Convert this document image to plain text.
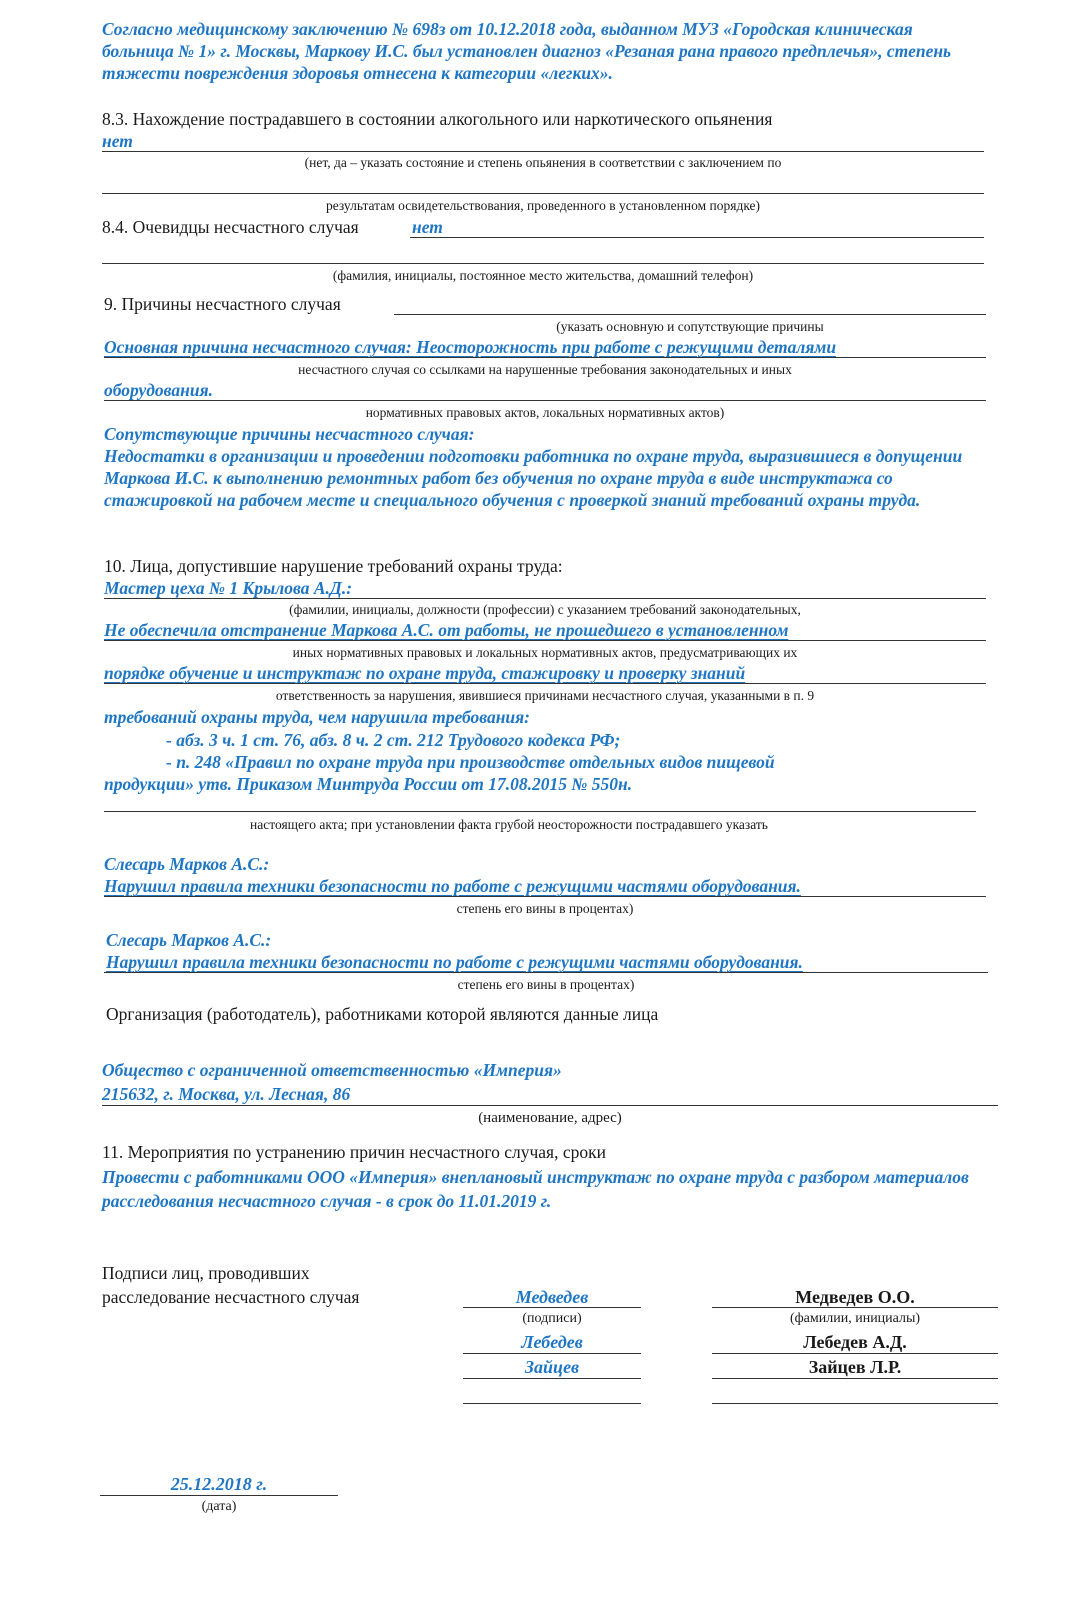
Согласно медицинскому заключению № 698з от 10.12.2018 года, выданном МУЗ «Городская клиническая больница № 1» г. Москвы, Маркову И.С. был установлен диагноз «Резаная рана правого предплечья», степень тяжести повреждения здоровья отнесена к категории «легких».
8.3. Нахождение пострадавшего в состоянии алкогольного или наркотического опьянения
нет
(нет, да – указать состояние и степень опьянения в соответствии с заключением по
результатам освидетельствования, проведенного в установленном порядке)
8.4. Очевидцы несчастного случая	нет
(фамилия, инициалы, постоянное место жительства, домашний телефон)
9. Причины несчастного случая
(указать основную и сопутствующие причины
Основная причина несчастного случая: Неосторожность при работе с режущими деталями
несчастного случая со ссылками на нарушенные требования законодательных и иных
оборудования.
нормативных правовых актов, локальных нормативных актов)
Сопутствующие причины несчастного случая:
Недостатки в организации и проведении подготовки работника по охране труда, выразившиеся в допущении Маркова И.С. к выполнению ремонтных работ без обучения по охране труда в виде инструктажа со стажировкой на рабочем месте и специального обучения с проверкой знаний требований охраны труда.
10. Лица, допустившие нарушение требований охраны труда:
Мастер цеха № 1 Крылова А.Д.:
(фамилии, инициалы, должности (профессии) с указанием требований законодательных,
Не обеспечила отстранение Маркова А.С. от работы, не прошедшего в установленном
иных нормативных правовых и локальных нормативных актов, предусматривающих их
порядке обучение и инструктаж по охране труда, стажировку и проверку знаний
ответственность за нарушения, явившиеся причинами несчастного случая, указанными в п. 9
требований охраны труда, чем нарушила требования:
- абз. 3 ч. 1 ст. 76, абз. 8 ч. 2 ст. 212 Трудового кодекса РФ;
- п. 248 «Правил по охране труда при производстве отдельных видов пищевой
продукции» утв. Приказом Минтруда России от 17.08.2015 № 550н.
настоящего акта; при установлении факта грубой неосторожности пострадавшего указать
Слесарь Марков А.С.:
Нарушил правила техники безопасности по работе с режущими частями оборудования.
степень его вины в процентах)
Слесарь Марков А.С.:
Нарушил правила техники безопасности по работе с режущими частями оборудования.
степень его вины в процентах)
Организация (работодатель), работниками которой являются данные лица
Общество с ограниченной ответственностью «Империя»
215632, г. Москва, ул. Лесная, 86
(наименование, адрес)
11. Мероприятия по устранению причин несчастного случая, сроки
Провести с работниками ООО «Империя» внеплановый инструктаж по охране труда с разбором материалов расследования несчастного случая - в срок до 11.01.2019 г.
Подписи лиц, проводивших
расследование несчастного случая	Медведев
(подписи)
Лебедев
Зайцев
Медведев О.О.
(фамилии, инициалы)
Лебедев А.Д.
Зайцев Л.Р.
25.12.2018 г.
(дата)
